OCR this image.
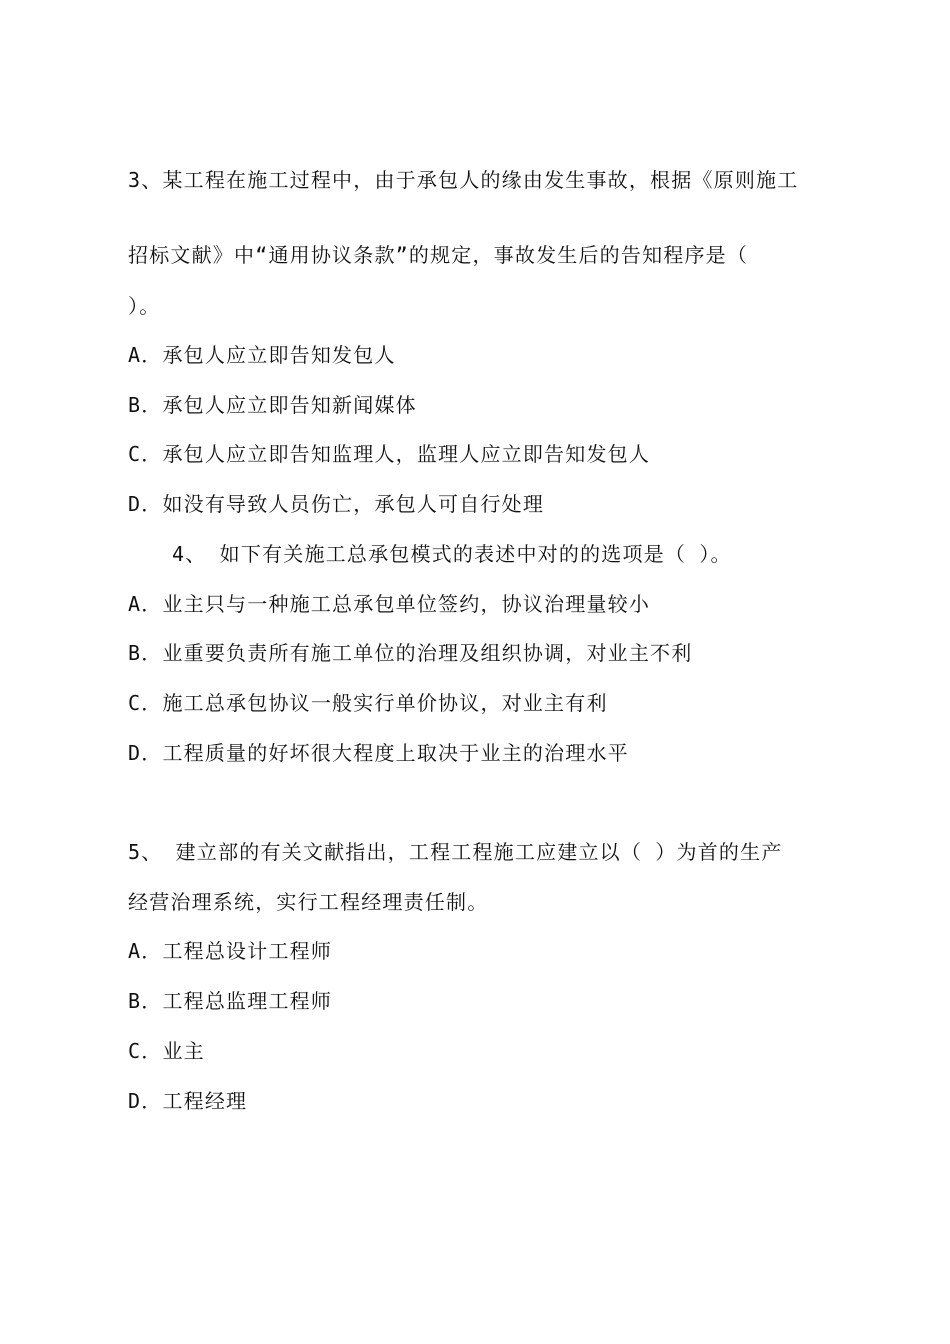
3、某工程在施工过程中，由于承包人的缘由发生事故，根据《原则施工
招标文献》中“通用协议条款”的规定，事故发生后的告知程序是（
）。
A．承包人应立即告知发包人
B．承包人应立即告知新闻媒体
C．承包人应立即告知监理人，监理人应立即告知发包人
D．如没有导致人员伤亡，承包人可自行处理
4、 如下有关施工总承包模式的表述中对的的选项是（ ）。
A．业主只与一种施工总承包单位签约，协议治理量较小
B．业重要负责所有施工单位的治理及组织协调，对业主不利
C．施工总承包协议一般实行单价协议，对业主有利
D．工程质量的好坏很大程度上取决于业主的治理水平
5、 建立部的有关文献指出，工程工程施工应建立以（ ）为首的生产
经营治理系统，实行工程经理责任制。
A．工程总设计工程师
B．工程总监理工程师
C．业主
D．工程经理
